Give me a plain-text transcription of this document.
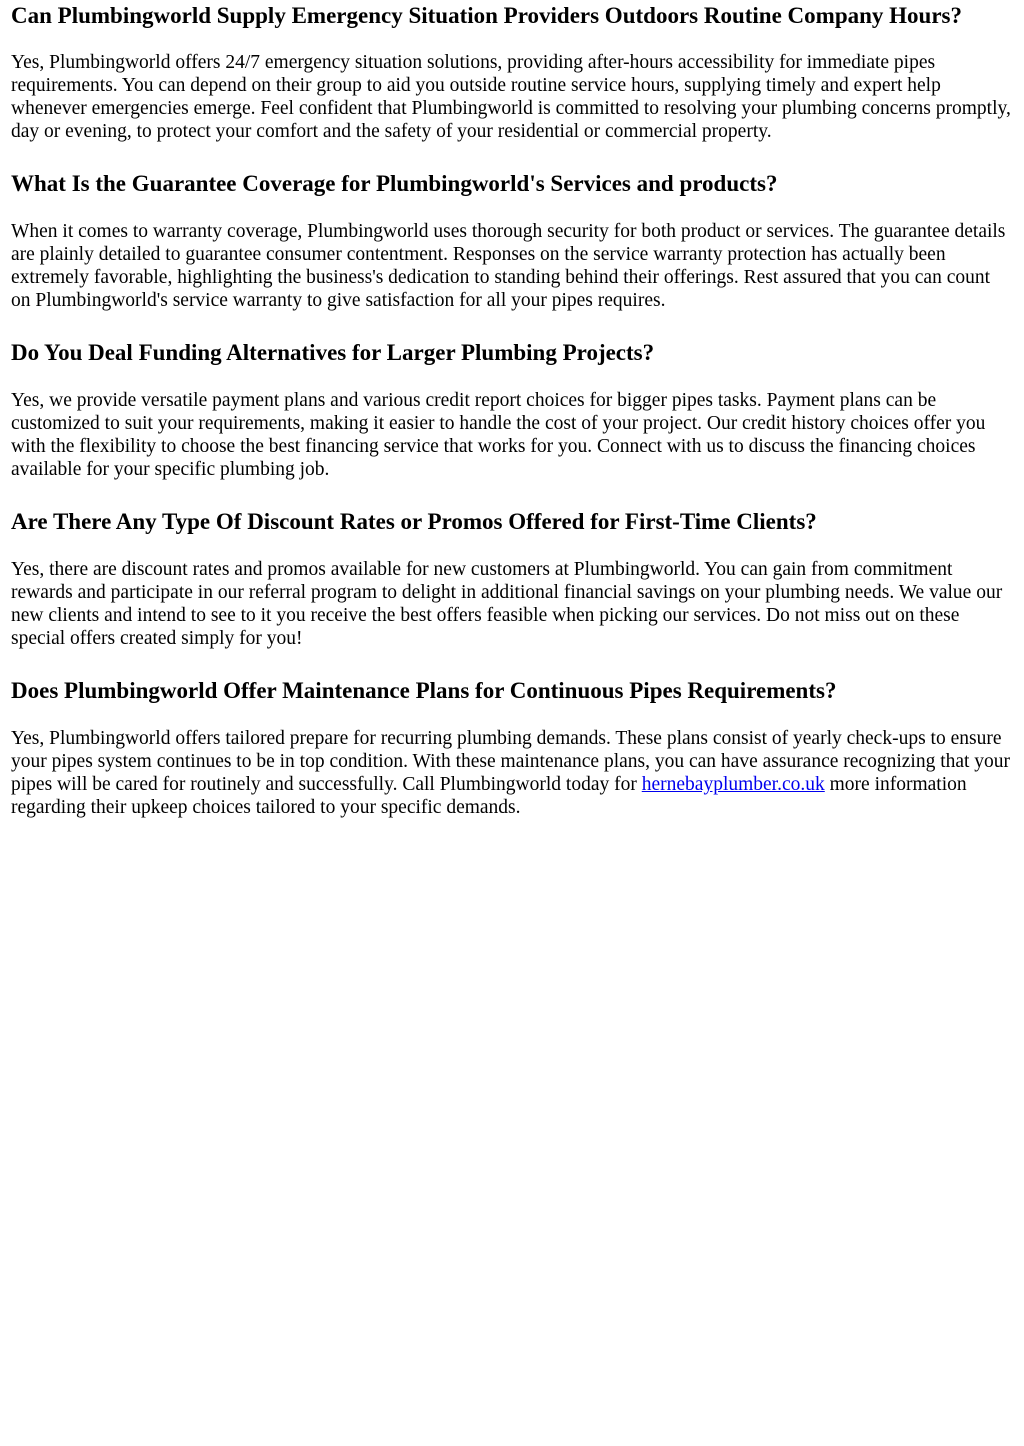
Can Plumbingworld Supply Emergency Situation Providers Outdoors Routine Company Hours?

Yes, Plumbingworld offers 24/7 emergency situation solutions, providing after-hours accessibility for immediate pipes requirements. You can depend on their group to aid you outside routine service hours, supplying timely and expert help whenever emergencies emerge. Feel confident that Plumbingworld is committed to resolving your plumbing concerns promptly, day or evening, to protect your comfort and the safety of your residential or commercial property.

What Is the Guarantee Coverage for Plumbingworld's Services and products?

When it comes to warranty coverage, Plumbingworld uses thorough security for both product or services. The guarantee details are plainly detailed to guarantee consumer contentment. Responses on the service warranty protection has actually been extremely favorable, highlighting the business's dedication to standing behind their offerings. Rest assured that you can count on Plumbingworld's service warranty to give satisfaction for all your pipes requires.

Do You Deal Funding Alternatives for Larger Plumbing Projects?

Yes, we provide versatile payment plans and various credit report choices for bigger pipes tasks. Payment plans can be customized to suit your requirements, making it easier to handle the cost of your project. Our credit history choices offer you with the flexibility to choose the best financing service that works for you. Connect with us to discuss the financing choices available for your specific plumbing job.

Are There Any Type Of Discount Rates or Promos Offered for First-Time Clients?

Yes, there are discount rates and promos available for new customers at Plumbingworld. You can gain from commitment rewards and participate in our referral program to delight in additional financial savings on your plumbing needs. We value our new clients and intend to see to it you receive the best offers feasible when picking our services. Do not miss out on these special offers created simply for you!

Does Plumbingworld Offer Maintenance Plans for Continuous Pipes Requirements?

Yes, Plumbingworld offers tailored prepare for recurring plumbing demands. These plans consist of yearly check-ups to ensure your pipes system continues to be in top condition. With these maintenance plans, you can have assurance recognizing that your pipes will be cared for routinely and successfully. Call Plumbingworld today for hernebayplumber.co.uk more information regarding their upkeep choices tailored to your specific demands.
